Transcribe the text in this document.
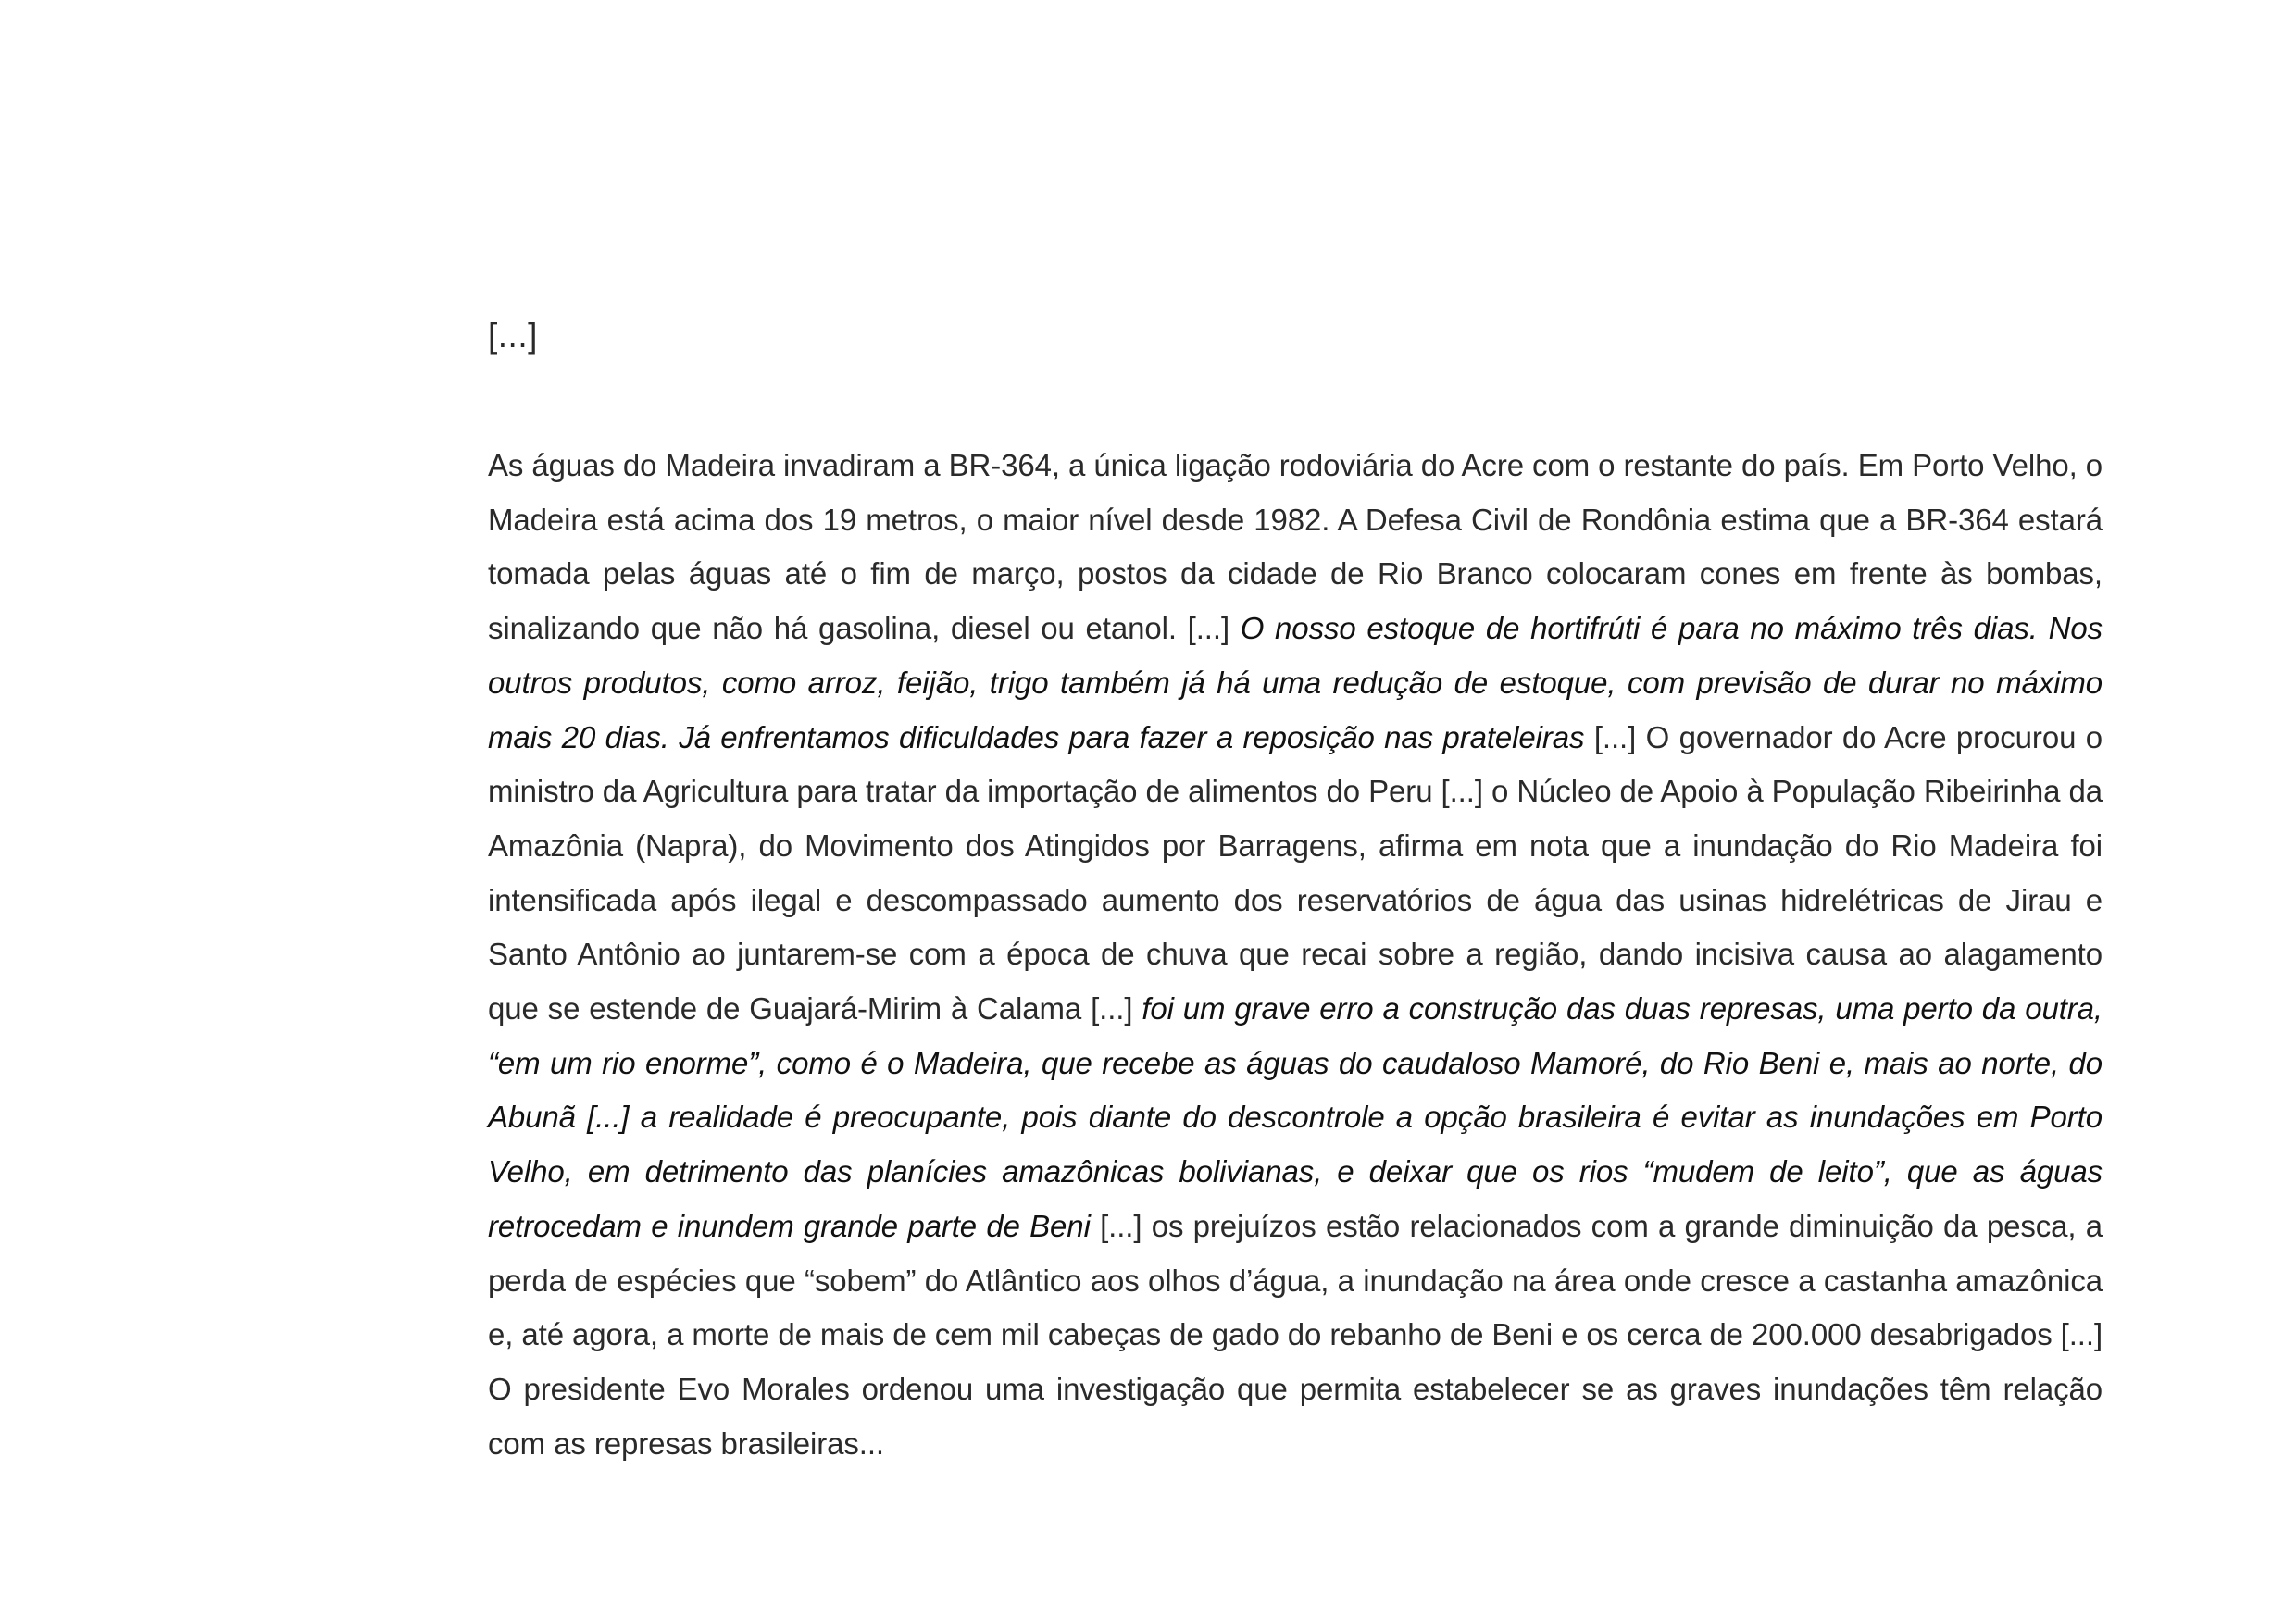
[...]

As águas do Madeira invadiram a BR-364, a única ligação rodoviária do Acre com o restante do país. Em Porto Velho, o Madeira está acima dos 19 metros, o maior nível desde 1982. A Defesa Civil de Rondônia estima que a BR-364 estará tomada pelas águas até o fim de março, postos da cidade de Rio Branco colocaram cones em frente às bombas, sinalizando que não há gasolina, diesel ou etanol. [...] O nosso estoque de hortifrúti é para no máximo três dias. Nos outros produtos, como arroz, feijão, trigo também já há uma redução de estoque, com previsão de durar no máximo mais 20 dias. Já enfrentamos dificuldades para fazer a reposição nas prateleiras [...] O governador do Acre procurou o ministro da Agricultura para tratar da importação de alimentos do Peru [...] o Núcleo de Apoio à População Ribeirinha da Amazônia (Napra), do Movimento dos Atingidos por Barragens, afirma em nota que a inundação do Rio Madeira foi intensificada após ilegal e descompassado aumento dos reservatórios de água das usinas hidrelétricas de Jirau e Santo Antônio ao juntarem-se com a época de chuva que recai sobre a região, dando incisiva causa ao alagamento que se estende de Guajará-Mirim à Calama [...] foi um grave erro a construção das duas represas, uma perto da outra, “em um rio enorme”, como é o Madeira, que recebe as águas do caudaloso Mamoré, do Rio Beni e, mais ao norte, do Abunã [...] a realidade é preocupante, pois diante do descontrole a opção brasileira é evitar as inundações em Porto Velho, em detrimento das planícies amazônicas bolivianas, e deixar que os rios “mudem de leito”, que as águas retrocedam e inundem grande parte de Beni [...] os prejuízos estão relacionados com a grande diminuição da pesca, a perda de espécies que “sobem” do Atlântico aos olhos d’água, a inundação na área onde cresce a castanha amazônica e, até agora, a morte de mais de cem mil cabeças de gado do rebanho de Beni e os cerca de 200.000 desabrigados [...] O presidente Evo Morales ordenou uma investigação que permita estabelecer se as graves inundações têm relação com as represas brasileiras...
